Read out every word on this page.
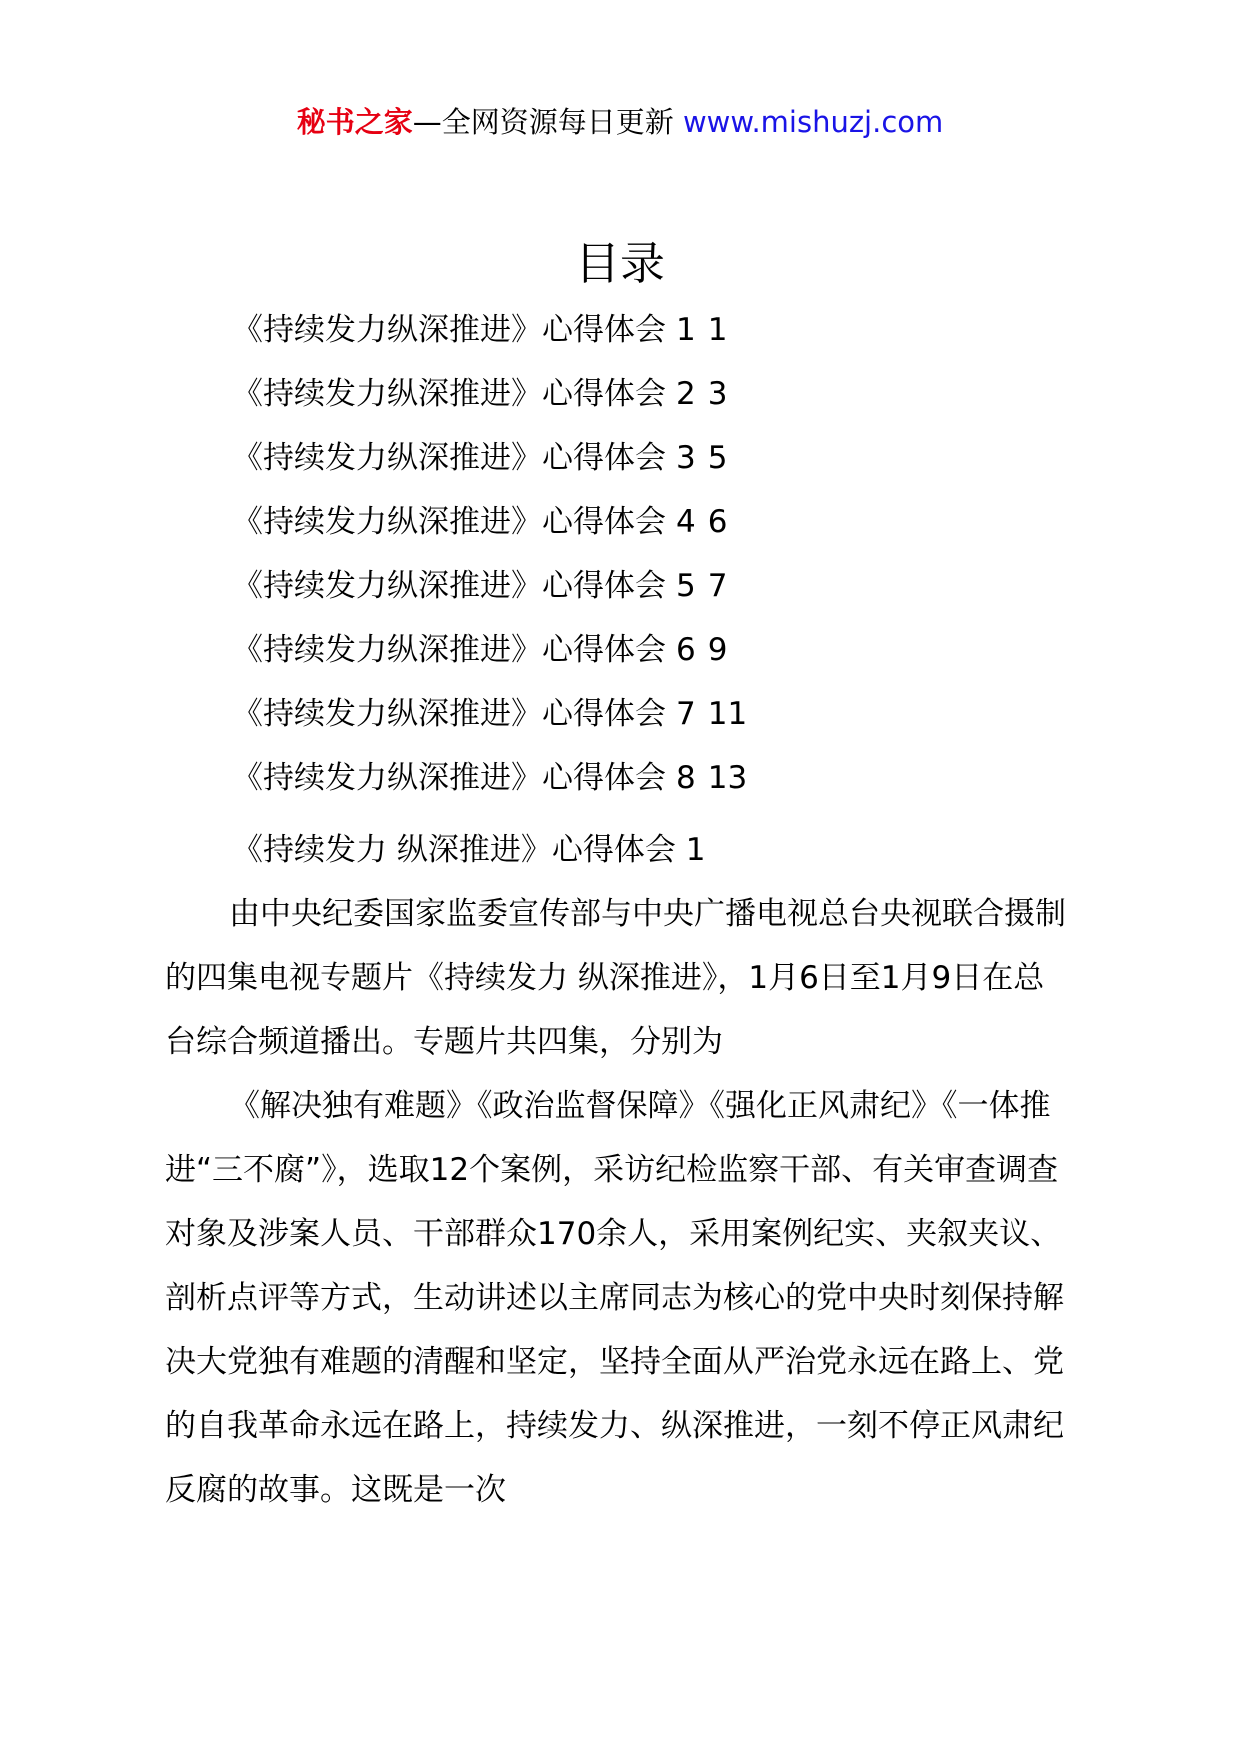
秘书之家—全网资源每日更新 www.mishuzj.com
目录
《持续发力纵深推进》心得体会 1 1
《持续发力纵深推进》心得体会 2 3
《持续发力纵深推进》心得体会 3 5
《持续发力纵深推进》心得体会 4 6
《持续发力纵深推进》心得体会 5 7
《持续发力纵深推进》心得体会 6 9
《持续发力纵深推进》心得体会 7 11
《持续发力纵深推进》心得体会 8 13
《持续发力 纵深推进》心得体会 1

由中央纪委国家监委宣传部与中央广播电视总台央视联合摄制的四集电视专题片《持续发力 纵深推进》，1月6日至1月9日在总台综合频道播出。专题片共四集，分别为

《解决独有难题》《政治监督保障》《强化正风肃纪》《一体推进“三不腐”》，选取12个案例，采访纪检监察干部、有关审查调查对象及涉案人员、干部群众170余人，采用案例纪实、夹叙夹议、剖析点评等方式，生动讲述以主席同志为核心的党中央时刻保持解决大党独有难题的清醒和坚定，坚持全面从严治党永远在路上、党的自我革命永远在路上，持续发力、纵深推进，一刻不停正风肃纪反腐的故事。这既是一次
